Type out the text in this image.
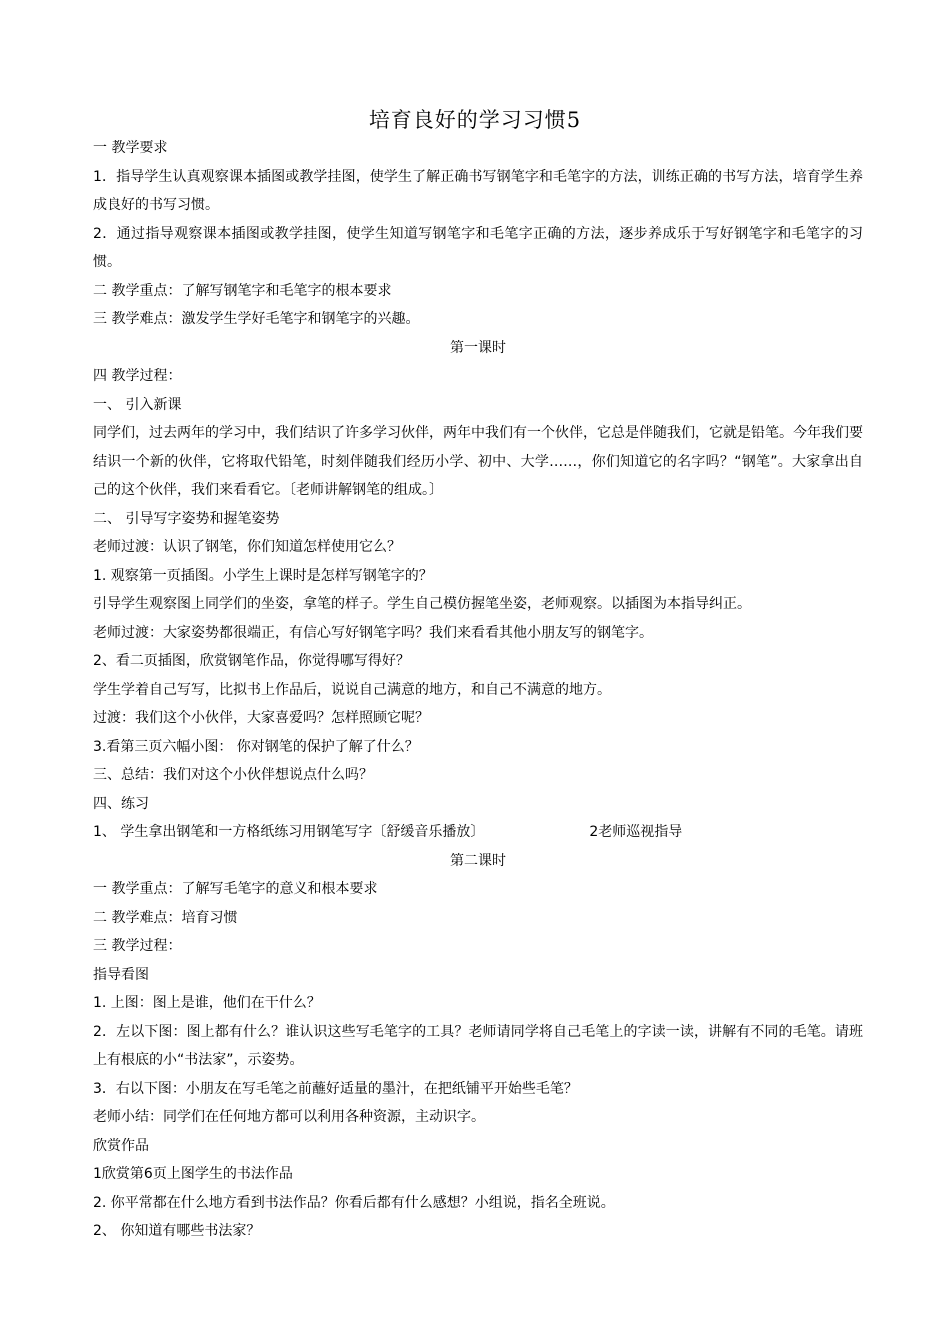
培育良好的学习习惯5

一 教学要求

1．指导学生认真观察课本插图或教学挂图，使学生了解正确书写钢笔字和毛笔字的方法，训练正确的书写方法，培育学生养成良好的书写习惯。

2．通过指导观察课本插图或教学挂图，使学生知道写钢笔字和毛笔字正确的方法，逐步养成乐于写好钢笔字和毛笔字的习惯。

二 教学重点：了解写钢笔字和毛笔字的根本要求

三 教学难点：激发学生学好毛笔字和钢笔字的兴趣。

第一课时

四 教学过程：

一、 引入新课

同学们，过去两年的学习中，我们结识了许多学习伙伴，两年中我们有一个伙伴，它总是伴随我们，它就是铅笔。今年我们要结识一个新的伙伴，它将取代铅笔，时刻伴随我们经历小学、初中、大学……，你们知道它的名字吗？“钢笔”。大家拿出自己的这个伙伴，我们来看看它。〔老师讲解钢笔的组成。〕

二、 引导写字姿势和握笔姿势

老师过渡：认识了钢笔，你们知道怎样使用它么？

1. 观察第一页插图。小学生上课时是怎样写钢笔字的？

引导学生观察图上同学们的坐姿，拿笔的样子。学生自己模仿握笔坐姿，老师观察。以插图为本指导纠正。

老师过渡：大家姿势都很端正，有信心写好钢笔字吗？我们来看看其他小朋友写的钢笔字。

2、看二页插图，欣赏钢笔作品，你觉得哪写得好？

学生学着自己写写，比拟书上作品后，说说自己满意的地方，和自己不满意的地方。

过渡：我们这个小伙伴，大家喜爱吗？怎样照顾它呢？

3.看第三页六幅小图： 你对钢笔的保护了解了什么？

三、总结：我们对这个小伙伴想说点什么吗？

四、练习

1、 学生拿出钢笔和一方格纸练习用钢笔写字〔舒缓音乐播放〕	2老师巡视指导

第二课时

一 教学重点：了解写毛笔字的意义和根本要求

二 教学难点：培育习惯

三 教学过程：

指导看图

1. 上图：图上是谁，他们在干什么？

2．左以下图：图上都有什么？谁认识这些写毛笔字的工具？老师请同学将自己毛笔上的字读一读，讲解有不同的毛笔。请班上有根底的小“书法家”，示姿势。

3．右以下图：小朋友在写毛笔之前蘸好适量的墨汁，在把纸铺平开始些毛笔？

老师小结：同学们在任何地方都可以利用各种资源，主动识字。

欣赏作品

1欣赏第6页上图学生的书法作品

2. 你平常都在什么地方看到书法作品？你看后都有什么感想？小组说，指名全班说。

2、 你知道有哪些书法家？
